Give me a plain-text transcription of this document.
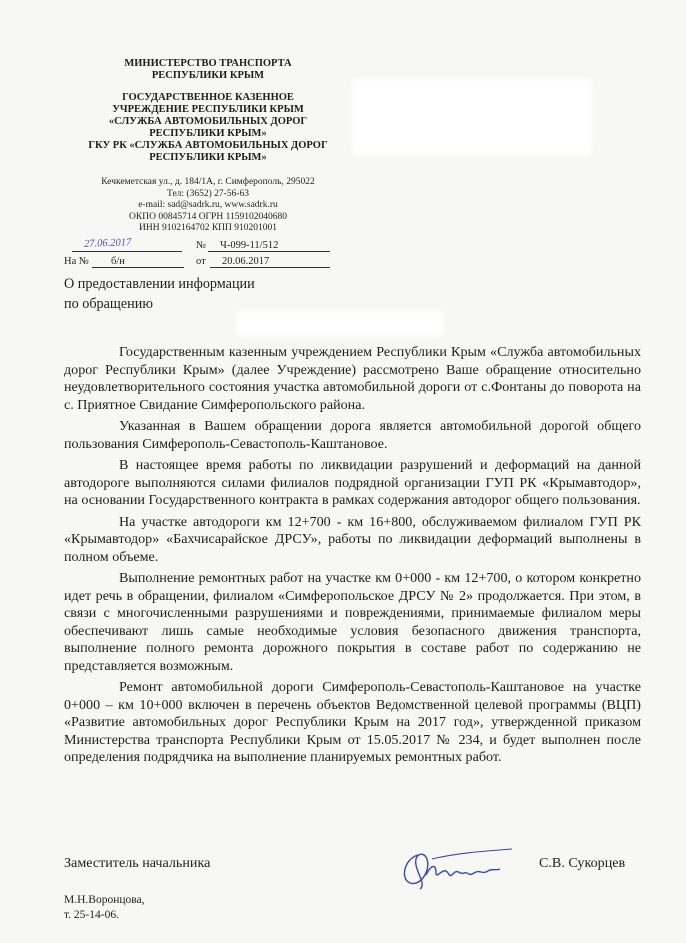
МИНИСТЕРСТВО ТРАНСПОРТА
РЕСПУБЛИКИ КРЫМ
ГОСУДАРСТВЕННОЕ КАЗЕННОЕ
УЧРЕЖДЕНИЕ РЕСПУБЛИКИ КРЫМ
«СЛУЖБА АВТОМОБИЛЬНЫХ ДОРОГ
РЕСПУБЛИКИ КРЫМ»
ГКУ РК «СЛУЖБА АВТОМОБИЛЬНЫХ ДОРОГ
РЕСПУБЛИКИ КРЫМ»
Кечкеметская ул., д. 184/1А, г. Симферополь, 295022
Тел: (3652) 27-56-63
e-mail: sad@sadrk.ru, www.sadrk.ru
ОКПО 00845714 ОГРН 1159102040680
ИНН 9102164702 КПП 910201001
27.06.2017	№ Ч-099-11/512
На № б/н	от 20.06.2017
О предоставлении информации
по обращению

Государственным казенным учреждением Республики Крым «Служба автомобильных дорог Республики Крым» (далее Учреждение) рассмотрено Ваше обращение относительно неудовлетворительного состояния участка автомобильной дороги от с.Фонтаны до поворота на с. Приятное Свидание Симферопольского района.

Указанная в Вашем обращении дорога является автомобильной дорогой общего пользования Симферополь-Севастополь-Каштановое.

В настоящее время работы по ликвидации разрушений и деформаций на данной автодороге выполняются силами филиалов подрядной организации ГУП РК «Крымавтодор», на основании Государственного контракта в рамках содержания автодорог общего пользования.

На участке автодороги км 12+700 - км 16+800, обслуживаемом филиалом ГУП РК «Крымавтодор» «Бахчисарайское ДРСУ», работы по ликвидации деформаций выполнены в полном объеме.

Выполнение ремонтных работ на участке км 0+000 - км 12+700, о котором конкретно идет речь в обращении, филиалом «Симферопольское ДРСУ № 2» продолжается. При этом, в связи с многочисленными разрушениями и повреждениями, принимаемые филиалом меры обеспечивают лишь самые необходимые условия безопасного движения транспорта, выполнение полного ремонта дорожного покрытия в составе работ по содержанию не представляется возможным.

Ремонт автомобильной дороги Симферополь-Севастополь-Каштановое на участке 0+000 – км 10+000 включен в перечень объектов Ведомственной целевой программы (ВЦП) «Развитие автомобильных дорог Республики Крым на 2017 год», утвержденной приказом Министерства транспорта Республики Крым от 15.05.2017 № 234, и будет выполнен после определения подрядчика на выполнение планируемых ремонтных работ.

Заместитель начальника	С.В. Сукорцев
М.Н.Воронцова,
т. 25-14-06.
